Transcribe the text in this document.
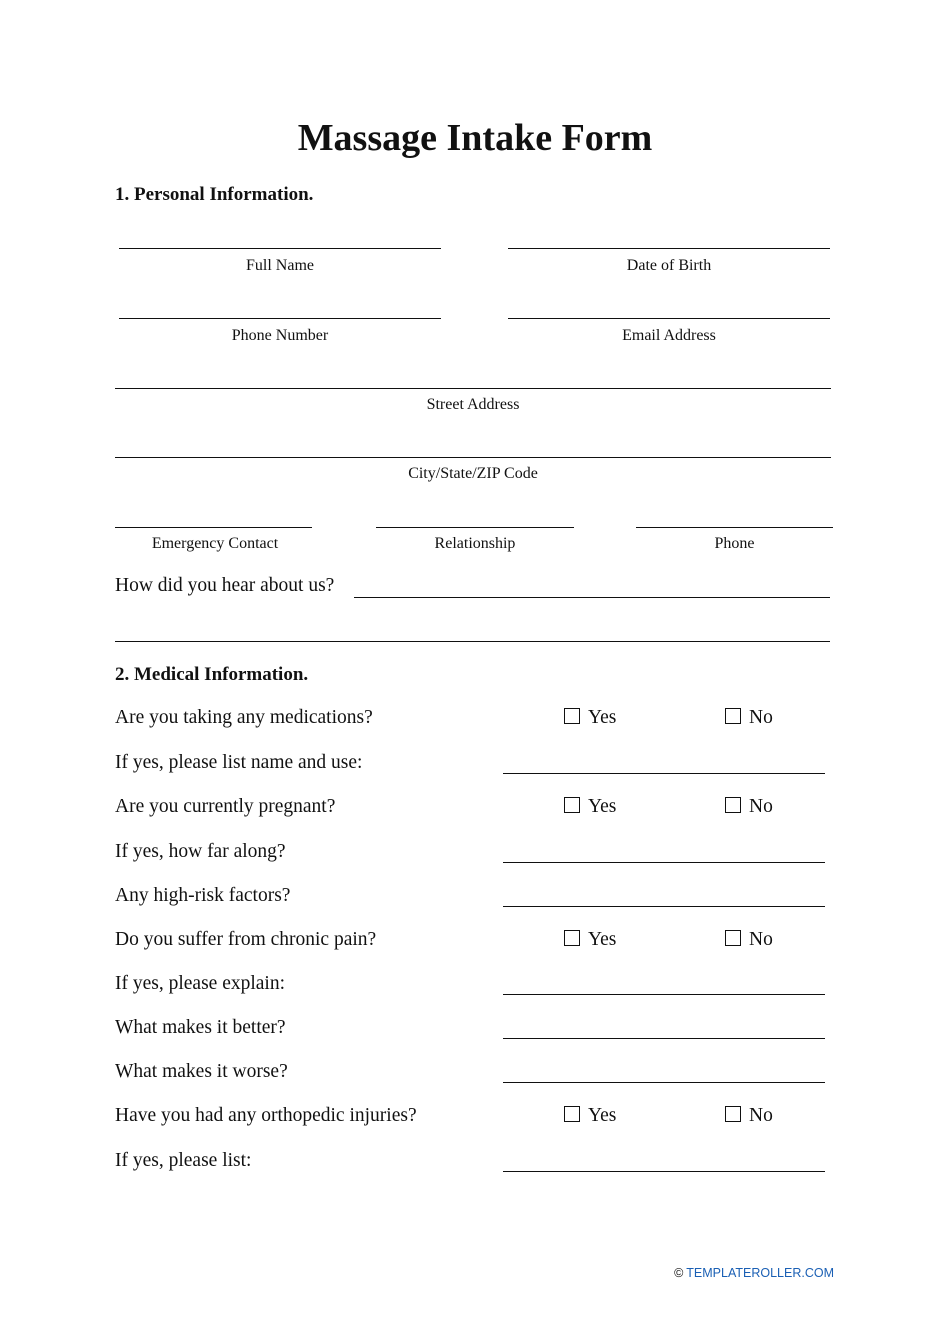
Massage Intake Form
1. Personal Information.
Full Name	Date of Birth
Phone Number	Email Address
Street Address
City/State/ZIP Code
Emergency Contact	Relationship	Phone
How did you hear about us?
2. Medical Information.
Are you taking any medications?	Yes	No
If yes, please list name and use:
Are you currently pregnant?	Yes	No
If yes, how far along?
Any high-risk factors?
Do you suffer from chronic pain?	Yes	No
If yes, please explain:
What makes it better?
What makes it worse?
Have you had any orthopedic injuries?	Yes	No
If yes, please list:
© TEMPLATEROLLER.COM
